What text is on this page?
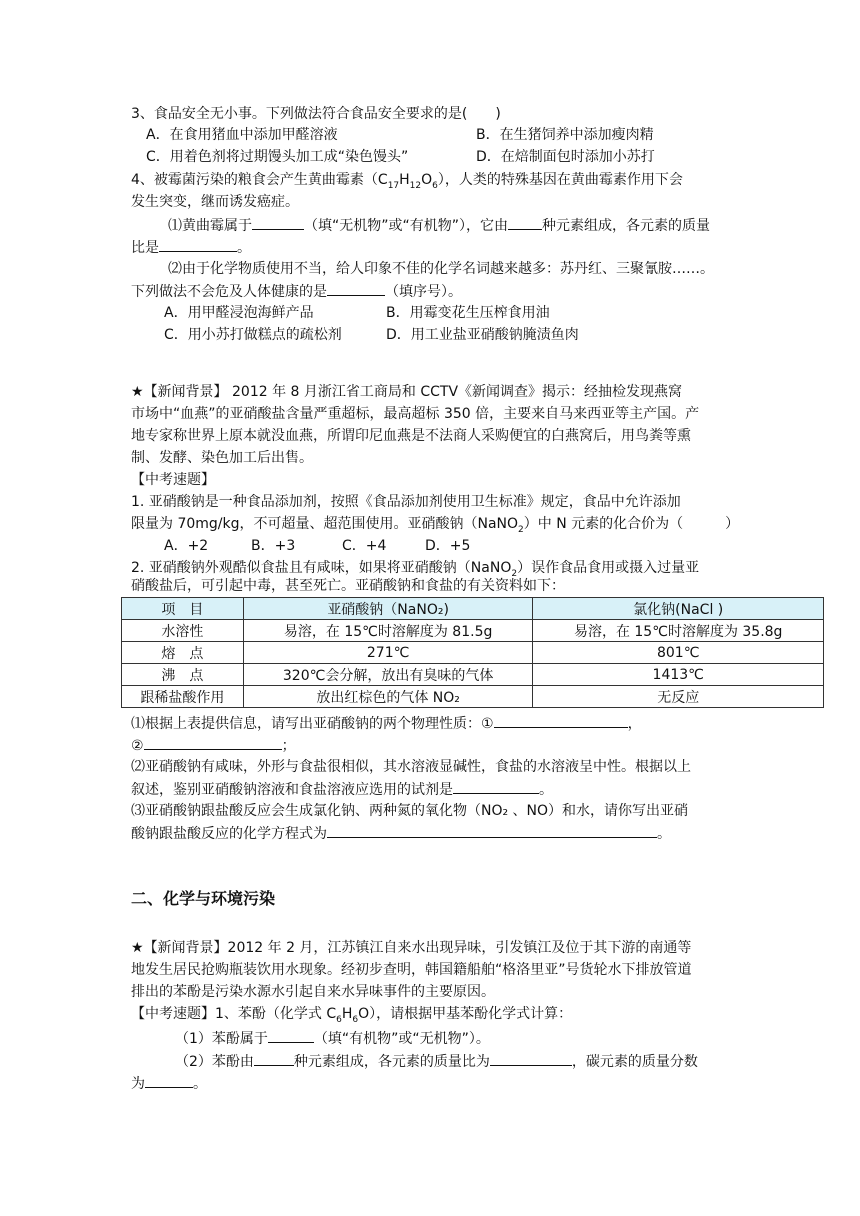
3、食品安全无小事。下列做法符合食品安全要求的是(　　)
A．在食用猪血中添加甲醛溶液	B．在生猪饲养中添加瘦肉精
C．用着色剂将过期馒头加工成“染色馒头”	D．在焙制面包时添加小苏打
4、被霉菌污染的粮食会产生黄曲霉素$(C_{17}H_{12}O_6)$，人类的特殊基因在黄曲霉素作用下会
发生突变，继而诱发癌症。
⑴黄曲霉属于	（填“无机物”或“有机物”），它由 种元素组成，各元素的质量
比是	。
⑵由于化学物质使用不当，给人印象不佳的化学名词越来越多：苏丹红、三聚氰胺……。
下列做法不会危及人体健康的是	（填序号）。
A．用甲醛浸泡海鲜产品	B．用霉变花生压榨食用油
C．用小苏打做糕点的疏松剂	D．用工业盐亚硝酸钠腌渍鱼肉
★【新闻背景】 2012 年 8 月浙江省工商局和 CCTV《新闻调查》揭示：经抽检发现燕窝
市场中“血燕”的亚硝酸盐含量严重超标，最高超标 350 倍，主要来自马来西亚等主产国。产
地专家称世界上原本就没血燕，所谓印尼血燕是不法商人采购便宜的白燕窝后，用鸟粪等熏
制、发酵、染色加工后出售。
【中考速题】
1. 亚硝酸钠是一种食品添加剂，按照《食品添加剂使用卫生标准》规定，食品中允许添加
限量为 70mg/kg，不可超量、超范围使用。亚硝酸钠（NaNO$_2$）中 N 元素的化合价为（　　　）
A．+2	B．+3	C．+4	D．+5
2. 亚硝酸钠外观酷似食盐且有咸味，如果将亚硝酸钠（NaNO$_2$）误作食品食用或摄入过量亚
硝酸盐后，可引起中毒，甚至死亡。亚硝酸钠和食盐的有关资料如下：
项　目	亚硝酸钠（NaNO₂)	氯化钠(NaCl )
水溶性	易溶，在 15℃时溶解度为 81.5g	易溶，在 15℃时溶解度为 35.8g
熔　点	271℃	801℃
沸　点	320℃会分解，放出有臭味的气体	1413℃
跟稀盐酸作用	放出红棕色的气体 NO₂	无反应
⑴根据上表提供信息，请写出亚硝酸钠的两个物理性质：①	，
②	；
⑵亚硝酸钠有咸味，外形与食盐很相似，其水溶液显碱性，食盐的水溶液呈中性。根据以上
叙述，鉴别亚硝酸钠溶液和食盐溶液应选用的试剂是	。
⑶亚硝酸钠跟盐酸反应会生成氯化钠、两种氮的氧化物（NO₂ 、NO）和水，请你写出亚硝
酸钠跟盐酸反应的化学方程式为	。
二、化学与环境污染
★【新闻背景】2012 年 2 月，江苏镇江自来水出现异味，引发镇江及位于其下游的南通等
地发生居民抢购瓶装饮用水现象。经初步查明，韩国籍船舶“格洛里亚”号货轮水下排放管道
排出的苯酚是污染水源水引起自来水异味事件的主要原因。
【中考速题】1、苯酚（化学式 $C_6H_6O$），请根据甲基苯酚化学式计算：
（1）苯酚属于	（填“有机物”或“无机物”）。
（2）苯酚由	种元素组成，各元素的质量比为	，碳元素的质量分数
为	。
